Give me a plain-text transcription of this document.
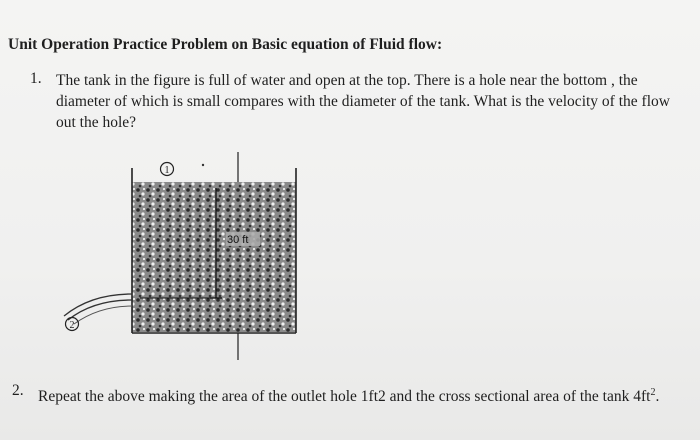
Unit Operation Practice Problem on Basic equation of Fluid flow:
1. The tank in the figure is full of water and open at the top. There is a hole near the bottom , the diameter of which is small compares with the diameter of the tank. What is the velocity of the flow out the hole?
30 ft
1
2
2. Repeat the above making the area of the outlet hole 1ft2 and the cross sectional area of the tank $4ft^2$.
